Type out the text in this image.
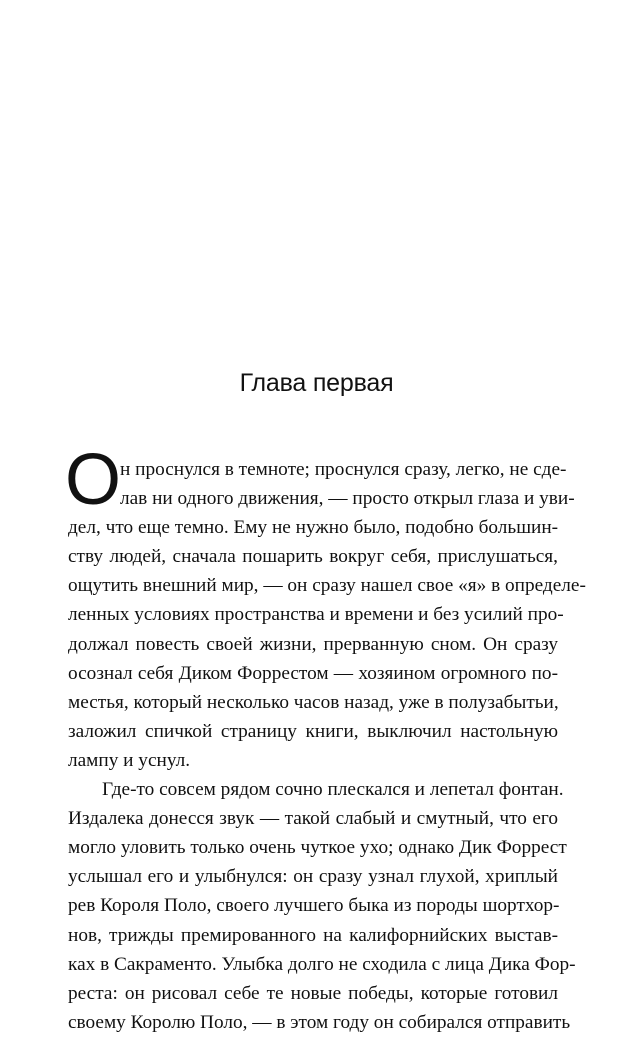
Глава первая
О
н проснулся в темноте; проснулся сразу, легко, не сде-
лав ни одного движения, — просто открыл глаза и уви-
дел, что еще темно. Ему не нужно было, подобно большин-
ству людей, сначала пошарить вокруг себя, прислушаться,
ощутить внешний мир, — он сразу нашел свое «я» в определе-
ленных условиях пространства и времени и без усилий про-
должал повесть своей жизни, прерванную сном. Он сразу
осознал себя Диком Форрестом — хозяином огромного по-
местья, который несколько часов назад, уже в полузабытьи,
заложил спичкой страницу книги, выключил настольную
лампу и уснул.
Где-то совсем рядом сочно плескался и лепетал фонтан.
Издалека донесся звук — такой слабый и смутный, что его
могло уловить только очень чуткое ухо; однако Дик Форрест
услышал его и улыбнулся: он сразу узнал глухой, хриплый
рев Короля Поло, своего лучшего быка из породы шортхор-
нов, трижды премированного на калифорнийских выстав-
ках в Сакраменто. Улыбка долго не сходила с лица Дика Фор-
реста: он рисовал себе те новые победы, которые готовил
своему Королю Поло, — в этом году он собирался отправить
